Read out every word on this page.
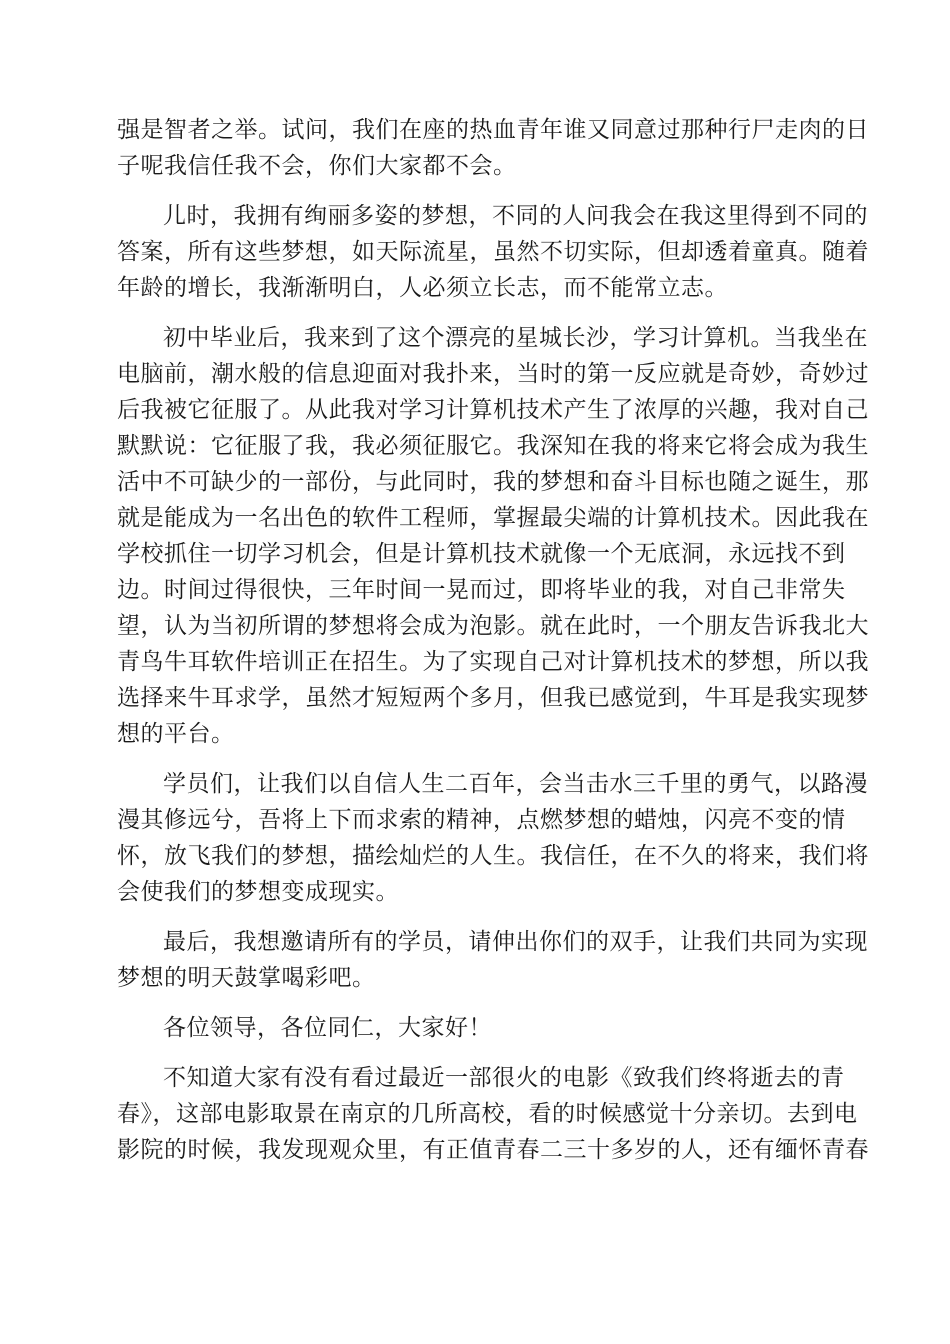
强是智者之举。试问，我们在座的热血青年谁又同意过那种行尸走肉的日
子呢我信任我不会，你们大家都不会。

儿时，我拥有绚丽多姿的梦想，不同的人问我会在我这里得到不同的
答案，所有这些梦想，如天际流星，虽然不切实际，但却透着童真。随着
年龄的增长，我渐渐明白，人必须立长志，而不能常立志。

初中毕业后，我来到了这个漂亮的星城长沙，学习计算机。当我坐在
电脑前，潮水般的信息迎面对我扑来，当时的第一反应就是奇妙，奇妙过
后我被它征服了。从此我对学习计算机技术产生了浓厚的兴趣，我对自己
默默说：它征服了我，我必须征服它。我深知在我的将来它将会成为我生
活中不可缺少的一部份，与此同时，我的梦想和奋斗目标也随之诞生，那
就是能成为一名出色的软件工程师，掌握最尖端的计算机技术。因此我在
学校抓住一切学习机会，但是计算机技术就像一个无底洞，永远找不到
边。时间过得很快，三年时间一晃而过，即将毕业的我，对自己非常失
望，认为当初所谓的梦想将会成为泡影。就在此时，一个朋友告诉我北大
青鸟牛耳软件培训正在招生。为了实现自己对计算机技术的梦想，所以我
选择来牛耳求学，虽然才短短两个多月，但我已感觉到，牛耳是我实现梦
想的平台。

学员们，让我们以自信人生二百年，会当击水三千里的勇气，以路漫
漫其修远兮，吾将上下而求索的精神，点燃梦想的蜡烛，闪亮不变的情
怀，放飞我们的梦想，描绘灿烂的人生。我信任，在不久的将来，我们将
会使我们的梦想变成现实。

最后，我想邀请所有的学员，请伸出你们的双手，让我们共同为实现
梦想的明天鼓掌喝彩吧。

各位领导，各位同仁，大家好！

不知道大家有没有看过最近一部很火的电影《致我们终将逝去的青
春》，这部电影取景在南京的几所高校，看的时候感觉十分亲切。去到电
影院的时候，我发现观众里，有正值青春二三十多岁的人，还有缅怀青春
